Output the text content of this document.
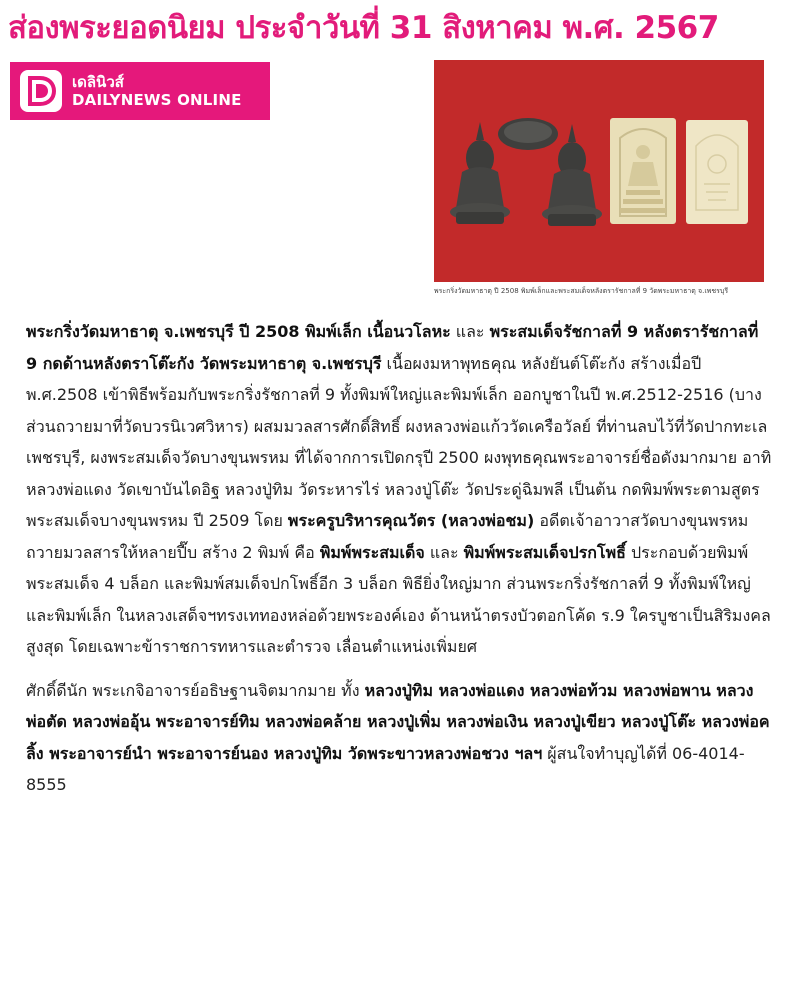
ส่องพระยอดนิยม ประจำวันที่ 31 สิงหาคม พ.ศ. 2567
เดลินิวส์
DAILYNEWS ONLINE
พระกริ่งวัดมหาธาตุ ปี 2508 พิมพ์เล็กและพระสมเด็จหลังตรารัชกาลที่ 9 วัดพระมหาธาตุ จ.เพชรบุรี

พระกริ่งวัดมหาธาตุ จ.เพชรบุรี ปี 2508 พิมพ์เล็ก เนื้อนวโลหะ และ พระสมเด็จรัชกาลที่ 9 หลังตรารัชกาลที่ 9 กดด้านหลังตราโต๊ะกัง วัดพระมหาธาตุ จ.เพชรบุรี เนื้อผงมหาพุทธคุณ หลังยันต์โต๊ะกัง สร้างเมื่อปี พ.ศ.2508 เข้าพิธีพร้อมกับพระกริ่งรัชกาลที่ 9 ทั้งพิมพ์ใหญ่และพิมพ์เล็ก ออกบูชาในปี พ.ศ.2512-2516 (บางส่วนถวายมาที่วัดบวรนิเวศวิหาร) ผสมมวลสารศักดิ์สิทธิ์ ผงหลวงพ่อแก้ววัดเครือวัลย์ ที่ท่านลบไว้ที่วัดปากทะเล เพชรบุรี, ผงพระสมเด็จวัดบางขุนพรหม ที่ได้จากการเปิดกรุปี 2500 ผงพุทธคุณพระอาจารย์ชื่อดังมากมาย อาทิ หลวงพ่อแดง วัดเขาบันไดอิฐ หลวงปู่ทิม วัดระหารไร่ หลวงปู่โต๊ะ วัดประดู่ฉิมพลี เป็นต้น กดพิมพ์พระตามสูตรพระสมเด็จบางขุนพรหม ปี 2509 โดย พระครูบริหารคุณวัตร (หลวงพ่อชม) อดีตเจ้าอาวาสวัดบางขุนพรหม ถวายมวลสารให้หลายปี๊บ สร้าง 2 พิมพ์ คือ พิมพ์พระสมเด็จ และ พิมพ์พระสมเด็จปรกโพธิ์ ประกอบด้วยพิมพ์พระสมเด็จ 4 บล็อก และพิมพ์สมเด็จปกโพธิ์อีก 3 บล็อก พิธียิ่งใหญ่มาก ส่วนพระกริ่งรัชกาลที่ 9 ทั้งพิมพ์ใหญ่และพิมพ์เล็ก ในหลวงเสด็จฯทรงเททองหล่อด้วยพระองค์เอง ด้านหน้าตรงบัวตอกโค้ด ร.9 ใครบูชาเป็นสิริมงคลสูงสุด โดยเฉพาะข้าราชการทหารและตำรวจ เลื่อนตำแหน่งเพิ่มยศ

ศักดิ์ดีนัก พระเกจิอาจารย์อธิษฐานจิตมากมาย ทั้ง หลวงปู่ทิม หลวงพ่อแดง หลวงพ่อท้วม หลวงพ่อพาน หลวงพ่อตัด หลวงพ่ออุ้น พระอาจารย์ทิม หลวงพ่อคล้าย หลวงปู่เพิ่ม หลวงพ่อเงิน หลวงปู่เขียว หลวงปู่โต๊ะ หลวงพ่อคลิ้ง พระอาจารย์นำ พระอาจารย์นอง หลวงปู่ทิม วัดพระขาวหลวงพ่อชวง ฯลฯ ผู้สนใจทำบุญได้ที่ 06-4014-8555
